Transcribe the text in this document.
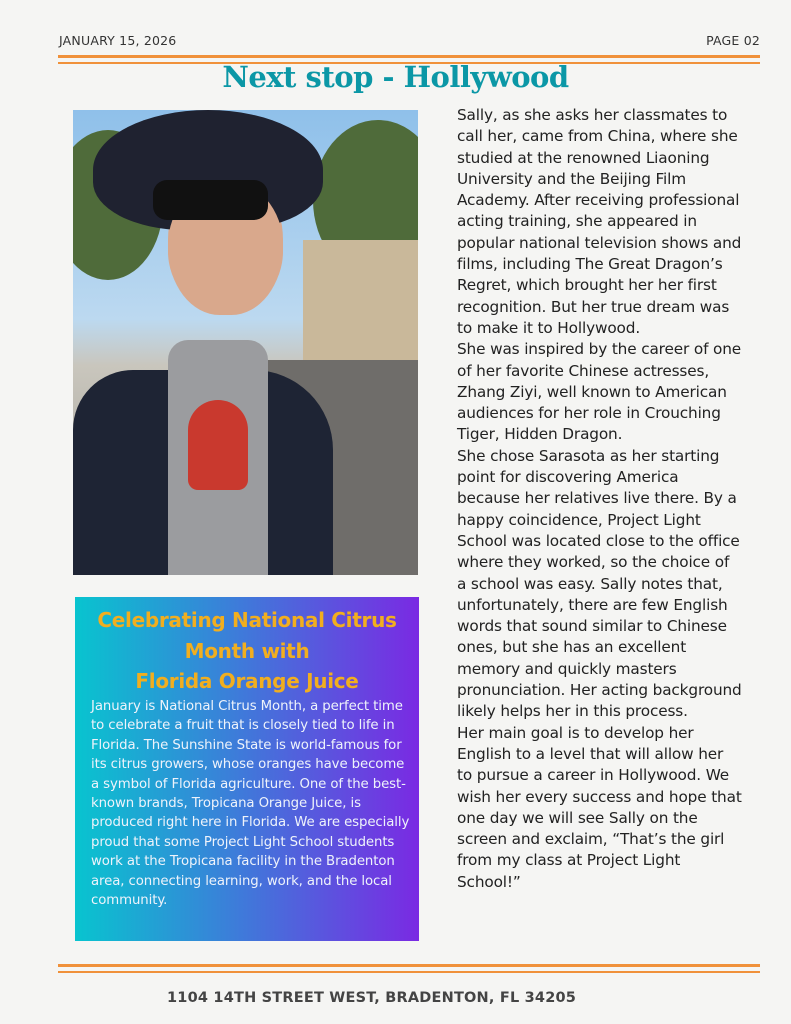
JANUARY 15, 2026	PAGE 02
Next stop - Hollywood
Celebrating National Citrus
Month with
Florida Orange Juice
January is National Citrus Month, a perfect time to celebrate a fruit that is closely tied to life in Florida. The Sunshine State is world-famous for its citrus growers, whose oranges have become a symbol of Florida agriculture. One of the best-known brands, Tropicana Orange Juice, is produced right here in Florida. We are especially proud that some Project Light School students work at the Tropicana facility in the Bradenton area, connecting learning, work, and the local community.

Sally, as she asks her classmates to call her, came from China, where she studied at the renowned Liaoning University and the Beijing Film Academy. After receiving professional acting training, she appeared in popular national television shows and films, including The Great Dragon’s Regret, which brought her her first recognition. But her true dream was to make it to Hollywood.

She was inspired by the career of one of her favorite Chinese actresses, Zhang Ziyi, well known to American audiences for her role in Crouching Tiger, Hidden Dragon.

She chose Sarasota as her starting point for discovering America because her relatives live there. By a happy coincidence, Project Light School was located close to the office where they worked, so the choice of a school was easy. Sally notes that, unfortunately, there are few English words that sound similar to Chinese ones, but she has an excellent memory and quickly masters pronunciation. Her acting background likely helps her in this process.

Her main goal is to develop her English to a level that will allow her to pursue a career in Hollywood. We wish her every success and hope that one day we will see Sally on the screen and exclaim, “That’s the girl from my class at Project Light School!”

1104 14TH STREET WEST, BRADENTON, FL 34205
